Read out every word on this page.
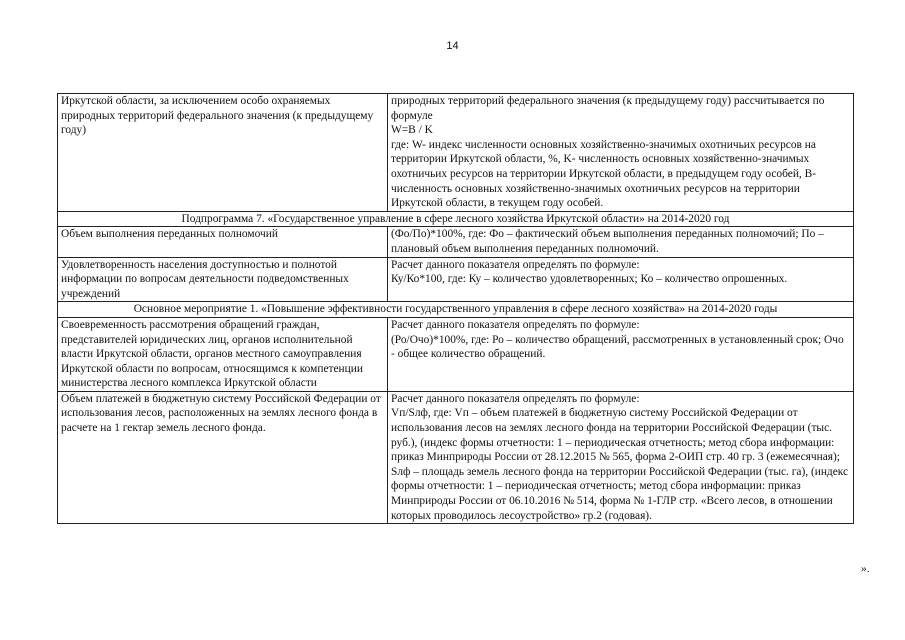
14
Иркутской области, за исключением особо охраняемых природных территорий федерального значения (к предыдущему году)	природных территорий федерального значения (к предыдущему году) рассчитывается по формуле
W=B / K
где: W- индекс численности основных хозяйственно-значимых охотничьих ресурсов на территории Иркутской области, %, K- численность основных хозяйственно-значимых охотничьих ресурсов на территории Иркутской области, в предыдущем году особей, B- численность основных хозяйственно-значимых охотничьих ресурсов на территории Иркутской области, в текущем году особей.

Подпрограмма 7. «Государственное управление в сфере лесного хозяйства Иркутской области» на 2014-2020 год	
Объем выполнения переданных полномочий	(Фо/По)*100%, где: Фо – фактический объем выполнения переданных полномочий; По – плановый объем выполнения переданных полномочий.

Удовлетворенность населения доступностью и полнотой информации по вопросам деятельности подведомственных учреждений	Расчет данного показателя определять по формуле:
Ку/Ко*100, где: Ку – количество удовлетворенных; Ко – количество опрошенных.

Основное мероприятие 1. «Повышение эффективности государственного управления в сфере лесного хозяйства» на 2014-2020 годы	
Своевременность рассмотрения обращений граждан, представителей юридических лиц, органов исполнительной власти Иркутской области, органов местного самоуправления Иркутской области по вопросам, относящимся к компетенции министерства лесного комплекса Иркутской области	Расчет данного показателя определять по формуле:
(Ро/Очо)*100%, где: Ро – количество обращений, рассмотренных в установленный срок; Очо - общее количество обращений.

Объем платежей в бюджетную систему Российской Федерации от использования лесов, расположенных на землях лесного фонда в расчете на 1 гектар земель лесного фонда.	Расчет данного показателя определять по формуле:
Vп/Sлф, где: Vп – объем платежей в бюджетную систему Российской Федерации от использования лесов на землях лесного фонда на территории Российской Федерации (тыс. руб.), (индекс формы отчетности: 1 – периодическая отчетность; метод сбора информации: приказ Минприроды России от 28.12.2015 № 565, форма 2-ОИП стр. 40 гр. 3 (ежемесячная);
Sлф – площадь земель лесного фонда на территории Российской Федерации (тыс. га), (индекс формы отчетности: 1 – периодическая отчетность; метод сбора информации: приказ Минприроды России от 06.10.2016 № 514, форма № 1-ГЛР стр. «Всего лесов, в отношении которых проводилось лесоустройство» гр.2 (годовая).
».
